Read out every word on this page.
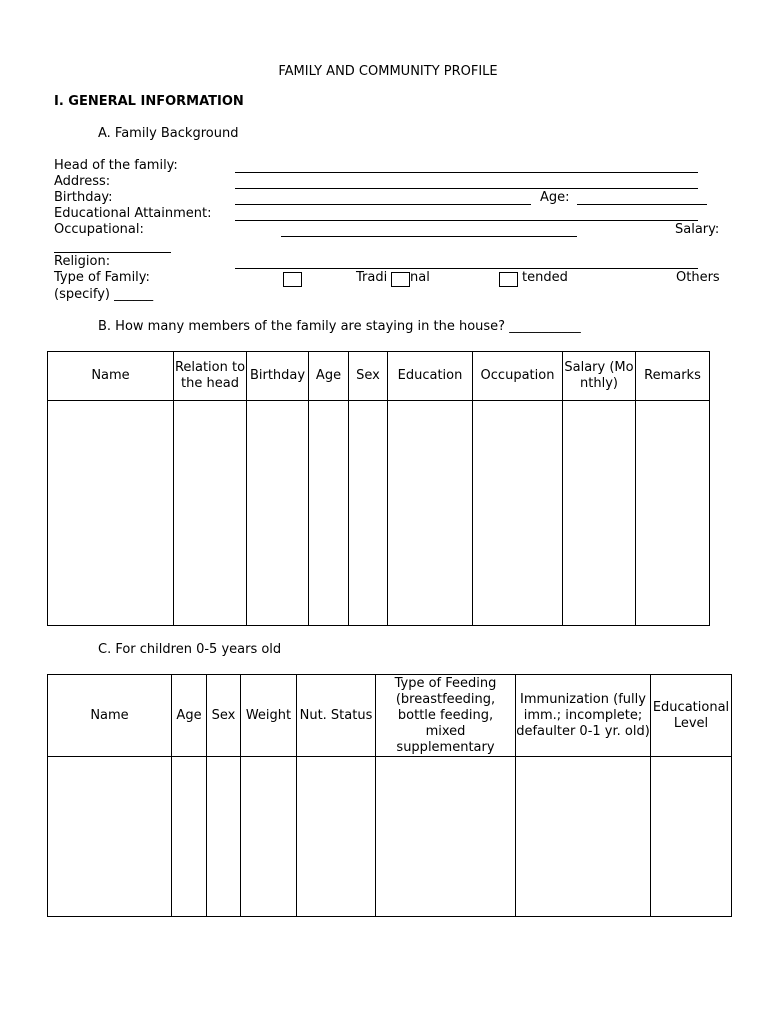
FAMILY AND COMMUNITY PROFILE
I. GENERAL INFORMATION
A. Family Background
Head of the family:
Address:
Birthday:	Age:
Educational Attainment:
Occupational:	Salary:
Religion:
Type of Family:	Tradi nal	tended	Others
(specify) ______
B. How many members of the family are staying in the house? ___________
Name	Relation to the head	Birthday	Age	Sex	Education	Occupation	Salary (Monthly)	Remarks

C. For children 0-5 years old
Name	Age	Sex	Weight	Nut. Status	Type of Feeding (breastfeeding, bottle feeding, mixed supplementary	Immunization (fully imm.; incomplete; defaulter 0-1 yr. old)	Educational Level
